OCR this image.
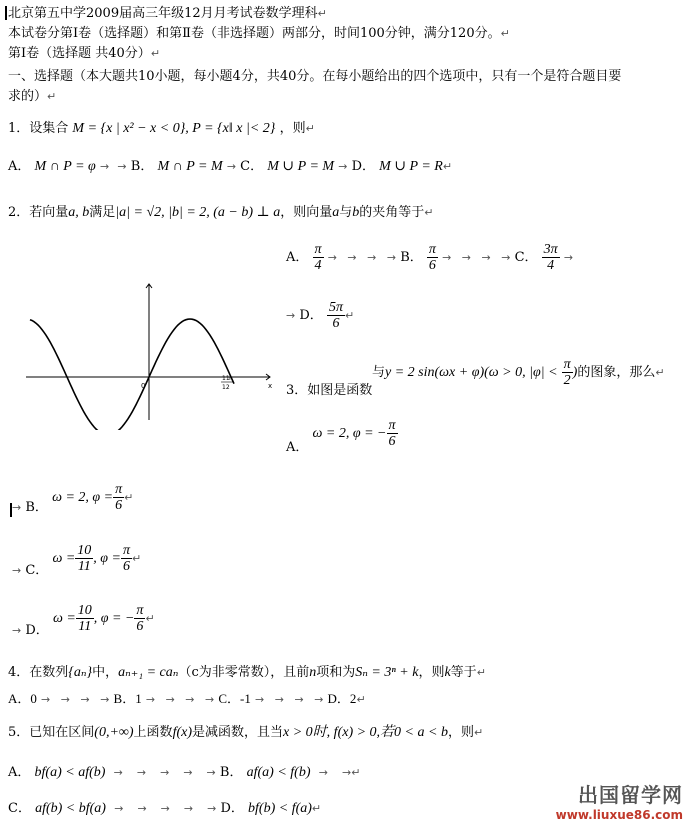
北京第五中学2009届高三年级12月月考试卷数学理科↵
本试卷分第Ⅰ卷（选择题）和第Ⅱ卷（非选择题）两部分，时间100分钟，满分120分。↵
第Ⅰ卷（选择题 共40分）↵
一、选择题（本大题共10小题，每小题4分，共40分。在每小题给出的四个选项中，只有一个是符合题目要
求的）↵
1．设集合 M = {x | x² − x < 0}, P = {x‖ x |< 2} ，则↵
A． M ∩ P = φ → → B． M ∩ P = M → C． M ∪ P = M → D． M ∪ P = R↵
2．若向量a, b满足|a| = √2, |b| = 2, (a − b) ⊥ a，则向量a与b的夹角等于↵
A． $\frac{\pi}{4}$ → → → → B． $\frac{\pi}{6}$ → → → → C． $\frac{3\pi}{4}$ →
→ D． $\frac{5\pi}{6}$ ↵
0	x
11 π
12
与y = 2 sin(ωx + φ)(ω > 0, $|\varphi| < \frac{\pi}{2}$ )的图象，那么↵
3．如图是函数
A． ω = 2, φ = − $\frac{\pi}{6}$
$_\to$ B． ω = 2, $\varphi = \frac{\pi}{6}$ ↵
$_\to$ C． $\omega = \frac{10}{11}$ , $\varphi = \frac{\pi}{6}$ ↵
$_\to$ D． $\omega = \frac{10}{11}$ , φ = − $\frac{\pi}{6}$ ↵
4．在数列{aₙ}中，aₙ₊₁ = caₙ（c为非零常数），且前n项和为Sₙ = 3ⁿ + k，则k等于↵
A．0 → → → → B．1 → → → → C．-1 → → → → D．2↵
5．已知在区间(0,+∞)上函数f(x)是减函数，且当x > 0时, f(x) > 0,若0 < a < b，则↵
A． bf(a) < af(b) → → → → → B． af(a) < f(b) → →↵
C． af(b) < bf(a) → → → → → D． bf(b) < f(a)↵
出国留学网
www.liuxue86.com
